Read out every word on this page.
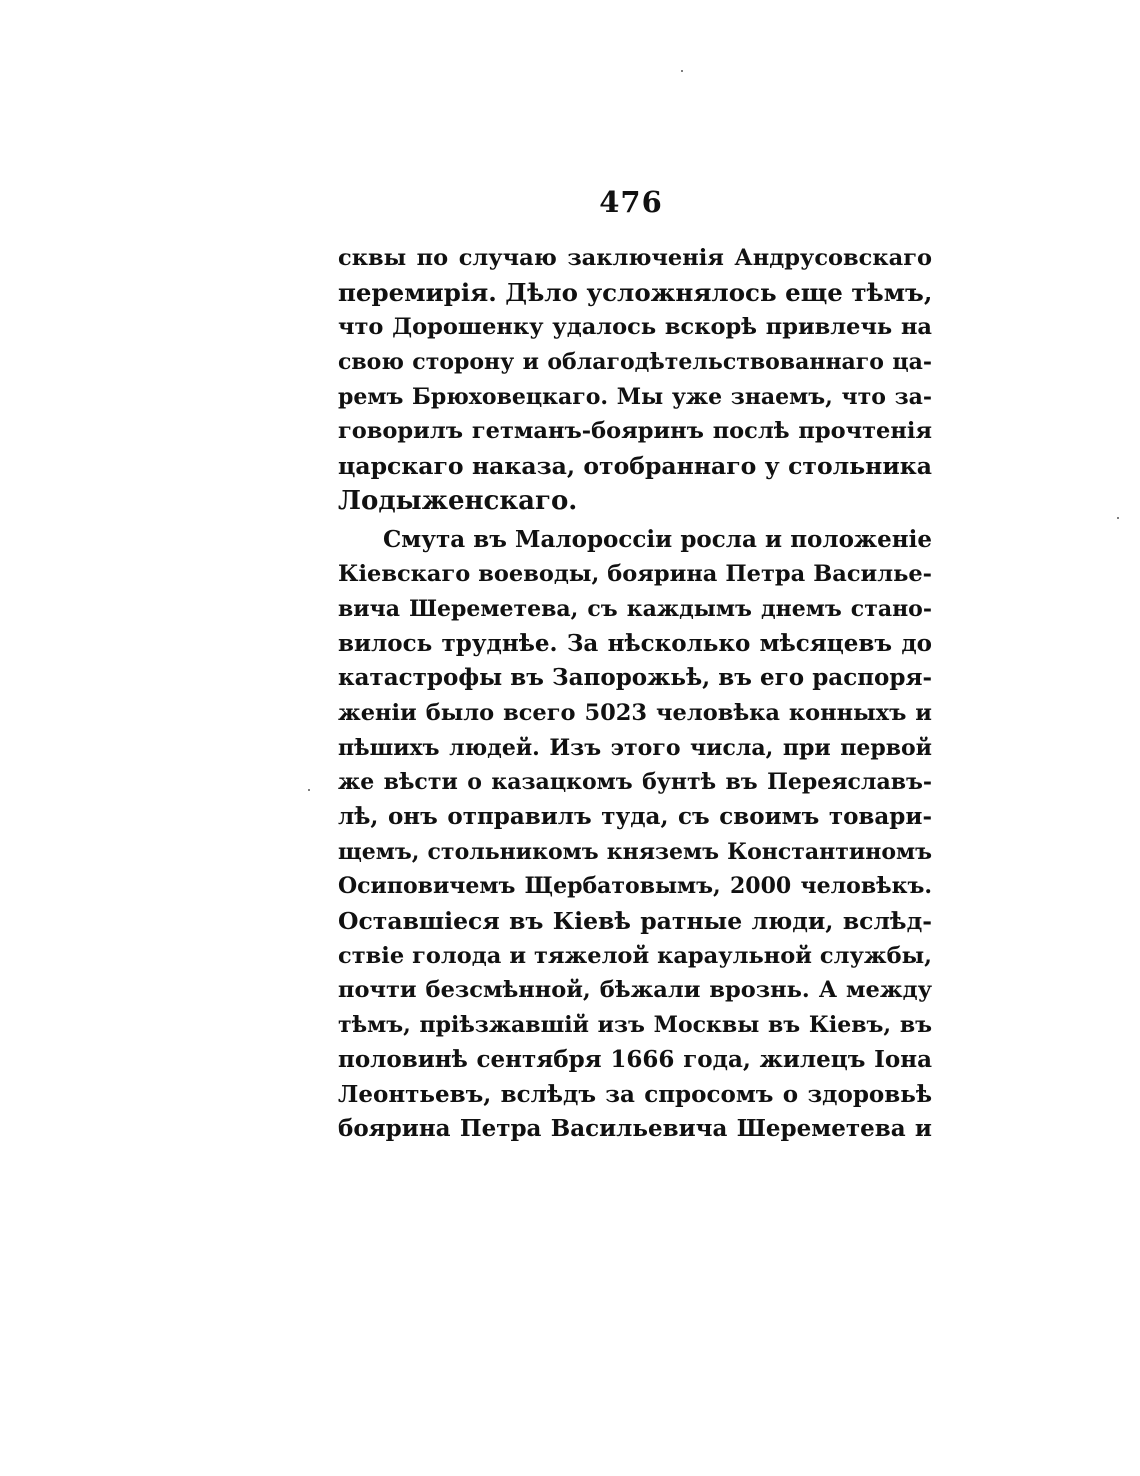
476
сквы по случаю заключенія Андрусовскаго
перемирія. Дѣло усложнялось еще тѣмъ,
что Дорошенку удалось вскорѣ привлечь на
свою сторону и облагодѣтельствованнаго ца-
ремъ Брюховецкаго. Мы уже знаемъ, что за-
говорилъ гетманъ-бояринъ послѣ прочтенія
царскаго наказа, отобраннаго у стольника
Лодыженскаго.
Смута въ Малороссіи росла и положеніе
Кіевскаго воеводы, боярина Петра Василье-
вича Шереметева, съ каждымъ днемъ стано-
вилось труднѣе. За нѣсколько мѣсяцевъ до
катастрофы въ Запорожьѣ, въ его распоря-
женіи было всего 5023 человѣка конныхъ и
пѣшихъ людей. Изъ этого числа, при первой
же вѣсти о казацкомъ бунтѣ въ Переяславъ-
лѣ, онъ отправилъ туда, съ своимъ товари-
щемъ, стольникомъ княземъ Константиномъ
Осиповичемъ Щербатовымъ, 2000 человѣкъ.
Оставшіеся въ Кіевѣ ратные люди, вслѣд-
ствіе голода и тяжелой караульной службы,
почти безсмѣнной, бѣжали врознь. А между
тѣмъ, пріѣзжавшій изъ Москвы въ Кіевъ, въ
половинѣ сентября 1666 года, жилецъ Іона
Леонтьевъ, вслѣдъ за спросомъ о здоровьѣ
боярина Петра Васильевича Шереметева и
